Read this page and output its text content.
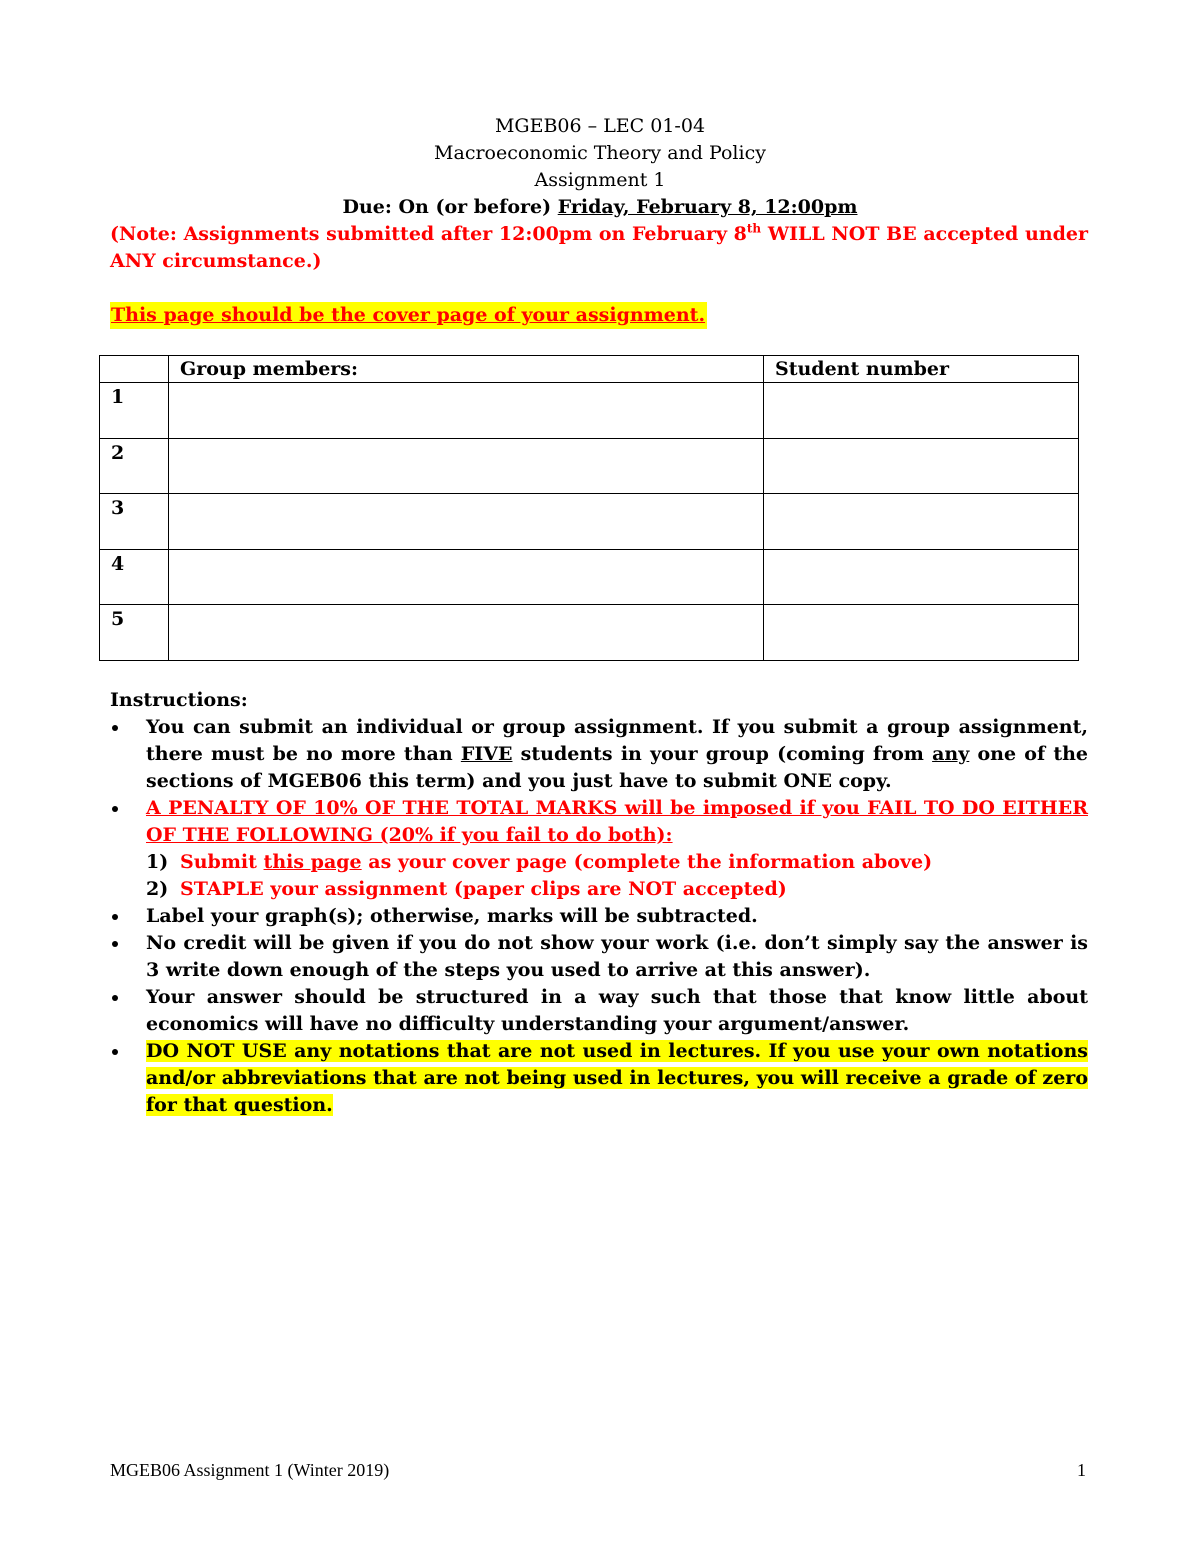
MGEB06 – LEC 01-04
Macroeconomic Theory and Policy
Assignment 1
Due: On (or before) Friday, February 8, 12:00pm
(Note: Assignments submitted after 12:00pm on February 8th WILL NOT BE accepted under ANY circumstance.)
This page should be the cover page of your assignment.
	Group members:	Student number
1		
2		
3		
4		
5		
Instructions:
You can submit an individual or group assignment. If you submit a group assignment, there must be no more than FIVE students in your group (coming from any one of the sections of MGEB06 this term) and you just have to submit ONE copy.
A PENALTY OF 10% OF THE TOTAL MARKS will be imposed if you FAIL TO DO EITHER OF THE FOLLOWING (20% if you fail to do both):
1) Submit this page as your cover page (complete the information above)
2) STAPLE your assignment (paper clips are NOT accepted)
Label your graph(s); otherwise, marks will be subtracted.
No credit will be given if you do not show your work (i.e. don’t simply say the answer is 3 write down enough of the steps you used to arrive at this answer).
Your answer should be structured in a way such that those that know little about economics will have no difficulty understanding your argument/answer.
DO NOT USE any notations that are not used in lectures. If you use your own notations and/or abbreviations that are not being used in lectures, you will receive a grade of zero for that question.
MGEB06 Assignment 1 (Winter 2019)	1
